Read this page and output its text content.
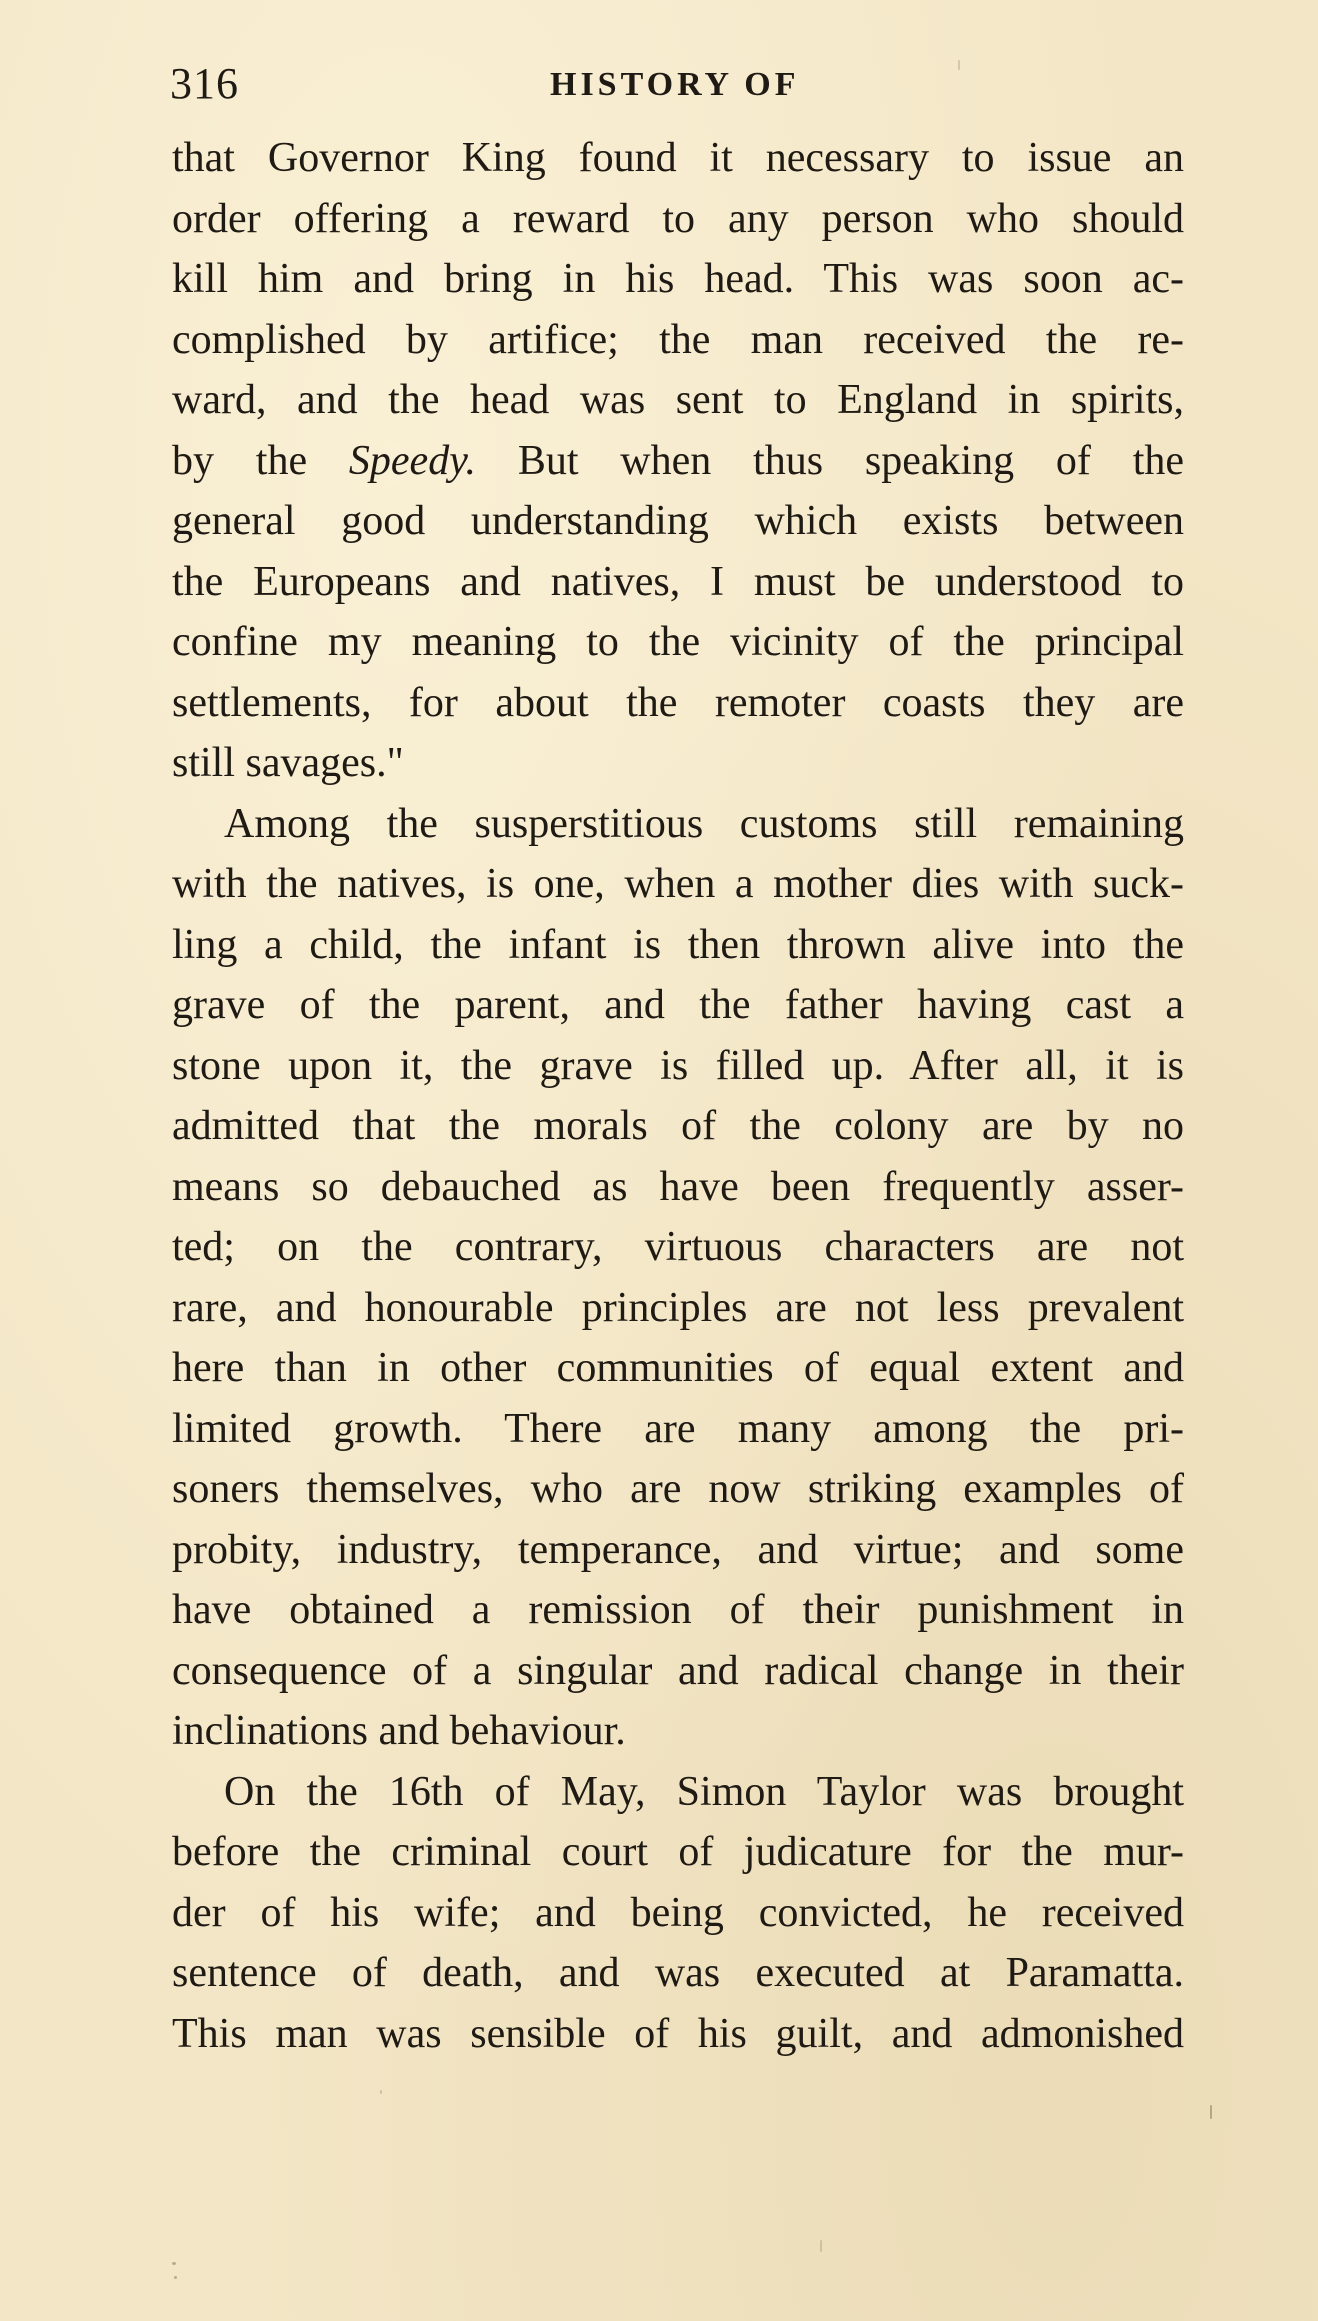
316	HISTORY OF
that Governor King found it necessary to issue an
order offering a reward to any person who should
kill him and bring in his head. This was soon ac-
complished by artifice; the man received the re-
ward, and the head was sent to England in spirits,
by the Speedy. But when thus speaking of the
general good understanding which exists between
the Europeans and natives, I must be understood to
confine my meaning to the vicinity of the principal
settlements, for about the remoter coasts they are
still savages."
Among the susperstitious customs still remaining
with the natives, is one, when a mother dies with suck-
ling a child, the infant is then thrown alive into the
grave of the parent, and the father having cast a
stone upon it, the grave is filled up. After all, it is
admitted that the morals of the colony are by no
means so debauched as have been frequently asser-
ted; on the contrary, virtuous characters are not
rare, and honourable principles are not less prevalent
here than in other communities of equal extent and
limited growth. There are many among the pri-
soners themselves, who are now striking examples of
probity, industry, temperance, and virtue; and some
have obtained a remission of their punishment in
consequence of a singular and radical change in their
inclinations and behaviour.
On the 16th of May, Simon Taylor was brought
before the criminal court of judicature for the mur-
der of his wife; and being convicted, he received
sentence of death, and was executed at Paramatta.
This man was sensible of his guilt, and admonished
